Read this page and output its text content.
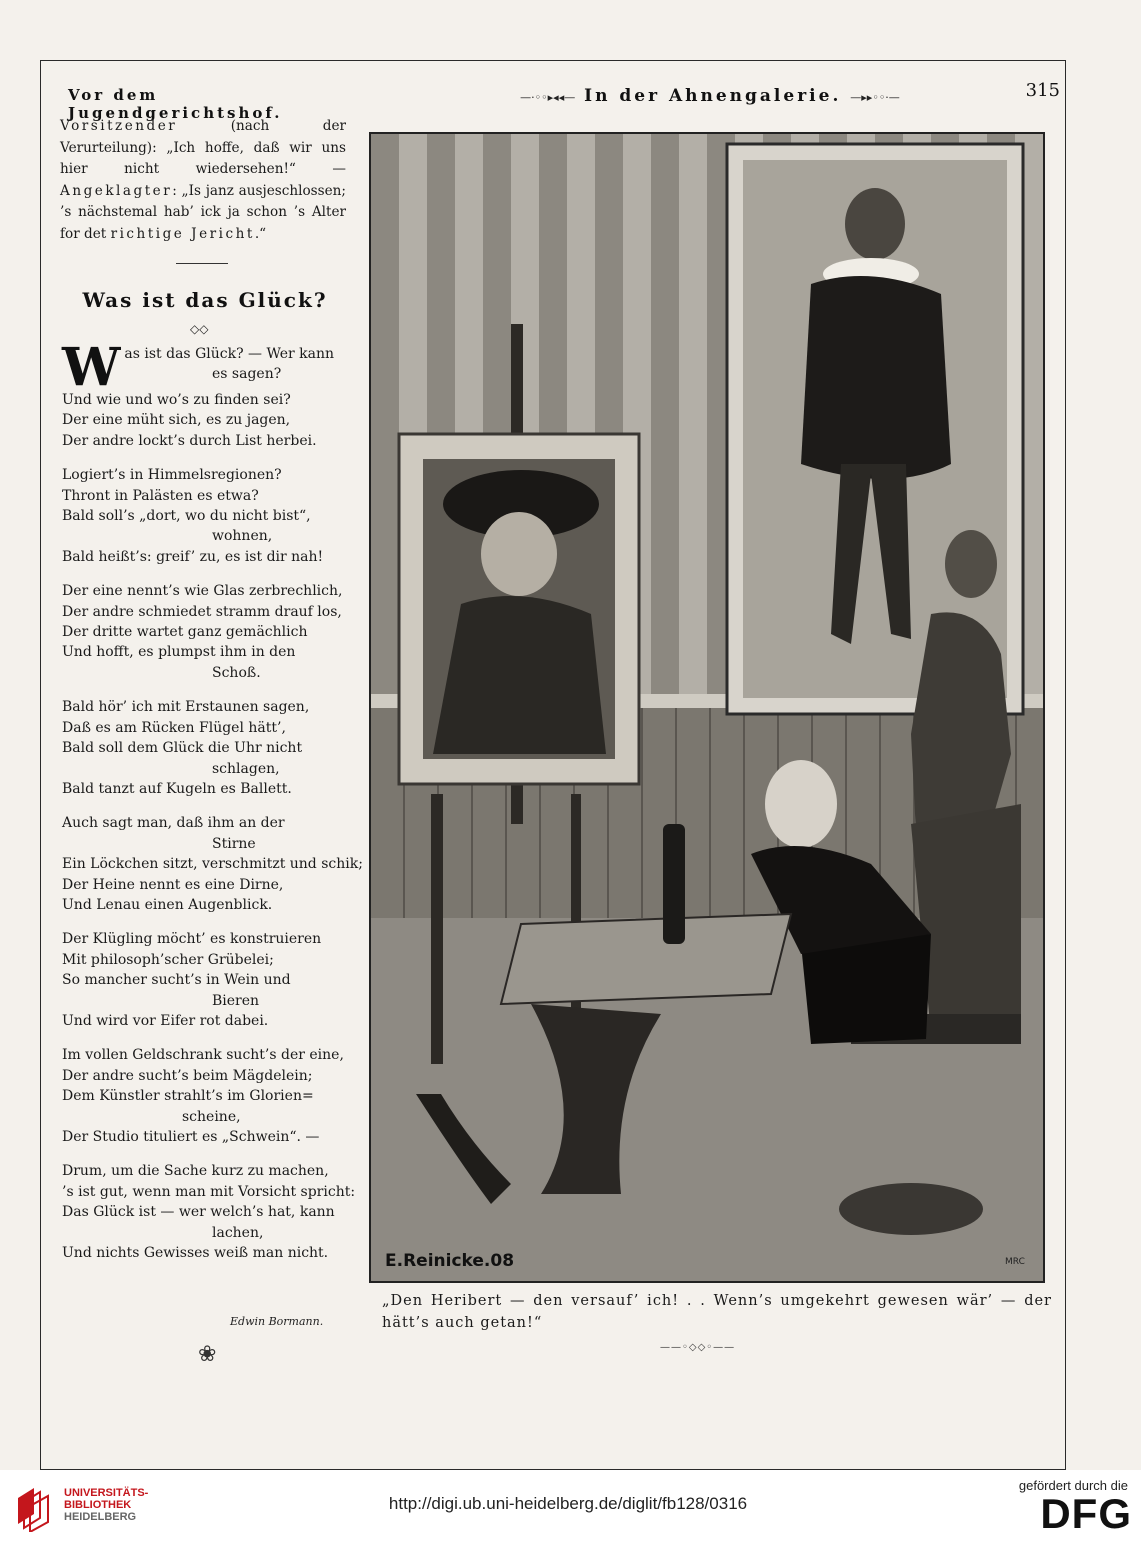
Vor dem Jugendgerichtshof.
—·◦◦▸◂◂— In der Ahnengalerie. —▸▸◦◦·—	315
Vorsitzender (nach der Verurteilung): „Ich hoffe, daß wir uns hier nicht wiedersehen!“ — Angeklagter: „Is janz ausjeschlossen; ’s nächstemal hab’ ick ja schon ’s Alter for det richtige Jericht.“
Was ist das Glück?
◇◇
W as ist das Glück? — Wer kann
es sagen?
Und wie und wo’s zu finden sei?
Der eine müht sich, es zu jagen,
Der andre lockt’s durch List herbei.
Logiert’s in Himmelsregionen?
Thront in Palästen es etwa?
Bald soll’s „dort, wo du nicht bist“,
wohnen,
Bald heißt’s: greif’ zu, es ist dir nah!
Der eine nennt’s wie Glas zerbrechlich,
Der andre schmiedet stramm drauf los,
Der dritte wartet ganz gemächlich
Und hofft, es plumpst ihm in den
Schoß.
Bald hör’ ich mit Erstaunen sagen,
Daß es am Rücken Flügel hätt’,
Bald soll dem Glück die Uhr nicht
schlagen,
Bald tanzt auf Kugeln es Ballett.
Auch sagt man, daß ihm an der
Stirne
Ein Löckchen sitzt, verschmitzt und schik;
Der Heine nennt es eine Dirne,
Und Lenau einen Augenblick.
Der Klügling möcht’ es konstruieren
Mit philosoph’scher Grübelei;
So mancher sucht’s in Wein und
Bieren
Und wird vor Eifer rot dabei.
Im vollen Geldschrank sucht’s der eine,
Der andre sucht’s beim Mägdelein;
Dem Künstler strahlt’s im Glorien=
scheine,
Der Studio tituliert es „Schwein“. —
Drum, um die Sache kurz zu machen,
’s ist gut, wenn man mit Vorsicht spricht:
Das Glück ist — wer welch’s hat, kann
lachen,
Und nichts Gewisses weiß man nicht.
Edwin Bormann.
❀
E.Reinicke.08	MRC
„Den Heribert — den versauf’ ich! . . Wenn’s umgekehrt gewesen wär’ — der hätt’s auch getan!“
——◦◇◇◦——
UNIVERSITÄTS-
BIBLIOTHEK
HEIDELBERG
http://digi.ub.uni-heidelberg.de/diglit/fb128/0316
gefördert durch die
DFG
